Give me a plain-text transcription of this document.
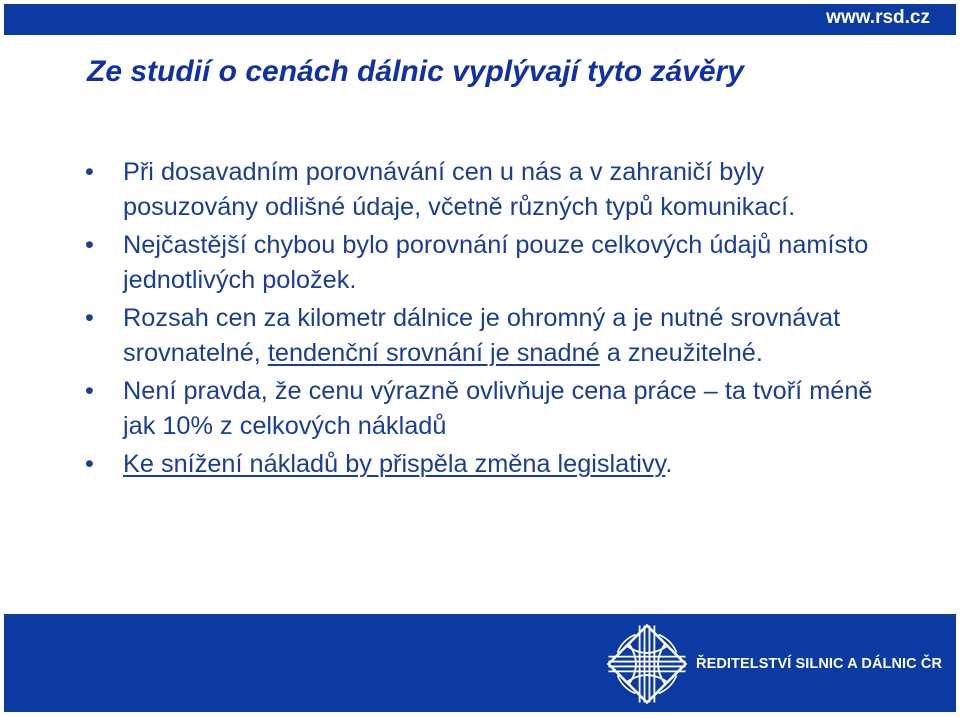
www.rsd.cz
Ze studií o cenách dálnic vyplývají tyto závěry
• Při dosavadním porovnávání cen u nás a v zahraničí byly posuzovány odlišné údaje, včetně různých typů komunikací.
• Nejčastější chybou bylo porovnání pouze celkových údajů namísto jednotlivých položek.
• Rozsah cen za kilometr dálnice je ohromný a je nutné srovnávat srovnatelné, tendenční srovnání je snadné a zneužitelné.
• Není pravda, že cenu výrazně ovlivňuje cena práce – ta tvoří méně jak 10% z celkových nákladů
• Ke snížení nákladů by přispěla změna legislativy.
ŘEDITELSTVÍ SILNIC A DÁLNIC ČR
